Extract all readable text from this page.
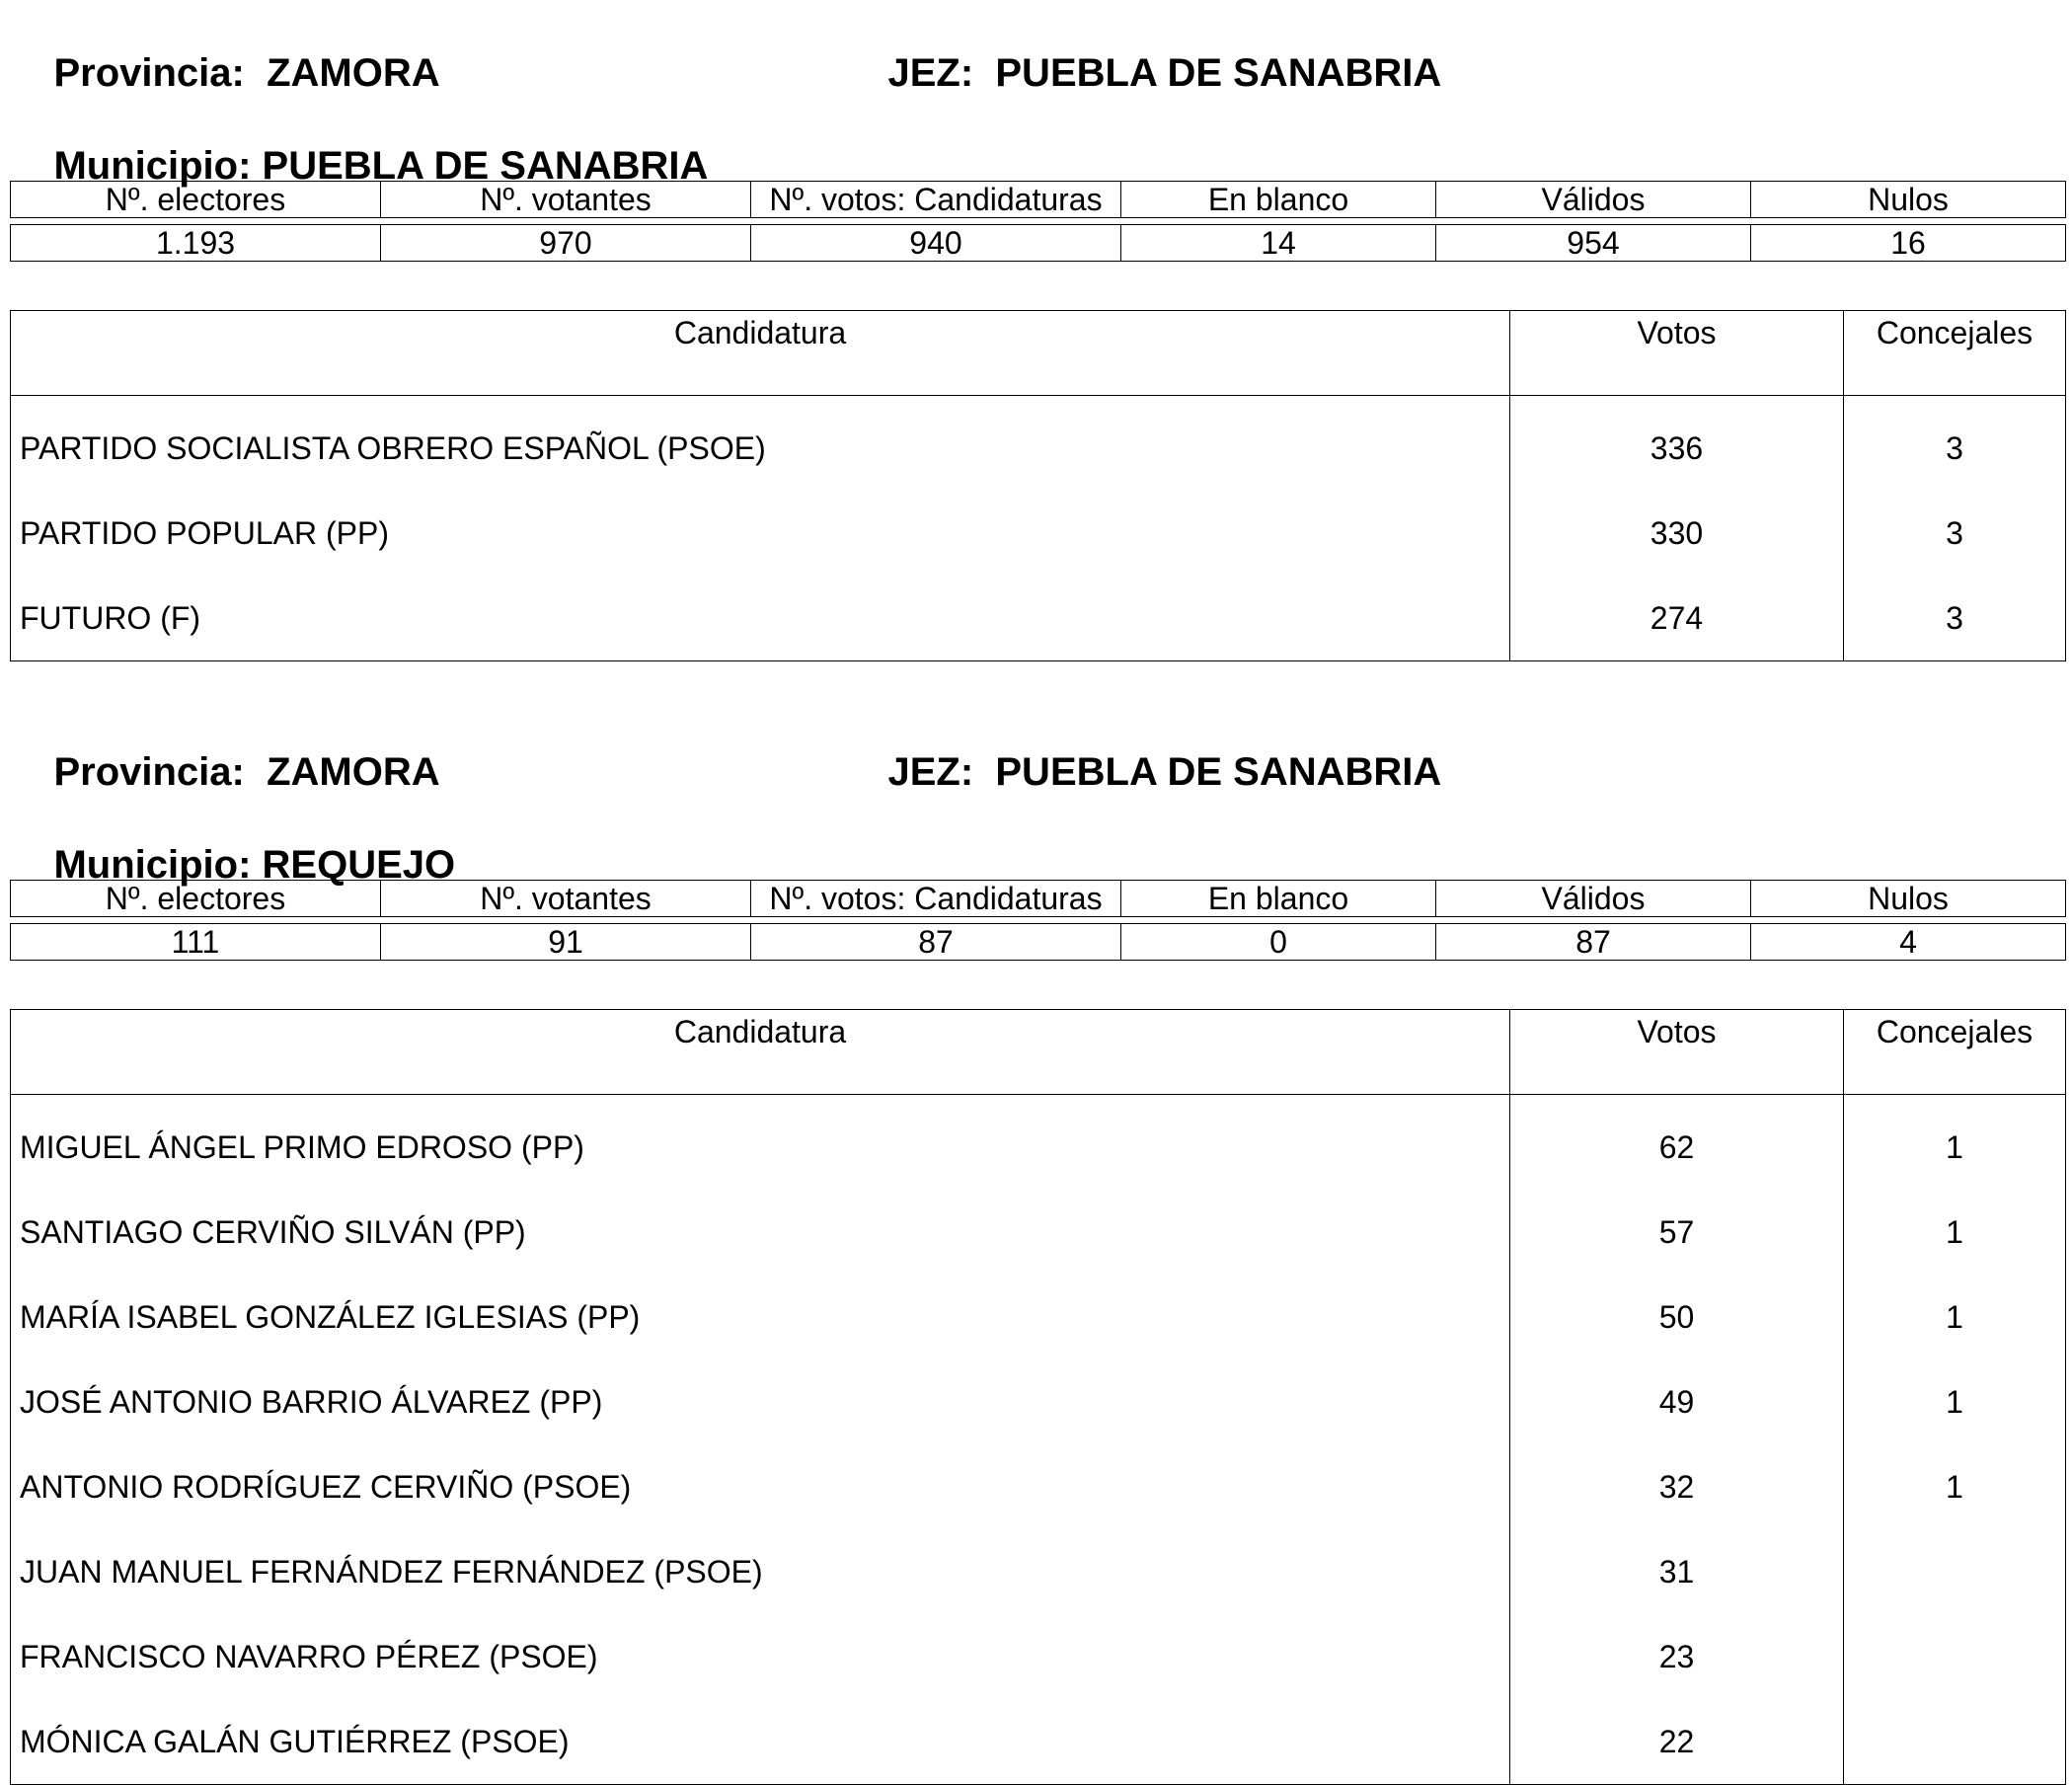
Provincia: ZAMORA
	JEZ: PUEBLA DE SANABRIA

Municipio: PUEBLA DE SANABRIA

Nº. electores	Nº. votantes	Nº. votos: Candidaturas	En blanco	Válidos	Nulos
1.193	970	940	14	954	16
Candidatura	Votos	Concejales
PARTIDO SOCIALISTA OBRERO ESPAÑOL (PSOE)	336	3
PARTIDO POPULAR (PP)	330	3
FUTURO (F)	274	3

Provincia: ZAMORA
	JEZ: PUEBLA DE SANABRIA

Municipio: REQUEJO

Nº. electores	Nº. votantes	Nº. votos: Candidaturas	En blanco	Válidos	Nulos
111	91	87	0	87	4
Candidatura	Votos	Concejales
MIGUEL ÁNGEL PRIMO EDROSO (PP)	62	1
SANTIAGO CERVIÑO SILVÁN (PP)	57	1
MARÍA ISABEL GONZÁLEZ IGLESIAS (PP)	50	1
JOSÉ ANTONIO BARRIO ÁLVAREZ (PP)	49	1
ANTONIO RODRÍGUEZ CERVIÑO (PSOE)	32	1
JUAN MANUEL FERNÁNDEZ FERNÁNDEZ (PSOE)	31	
FRANCISCO NAVARRO PÉREZ (PSOE)	23	
MÓNICA GALÁN GUTIÉRREZ (PSOE)	22	
